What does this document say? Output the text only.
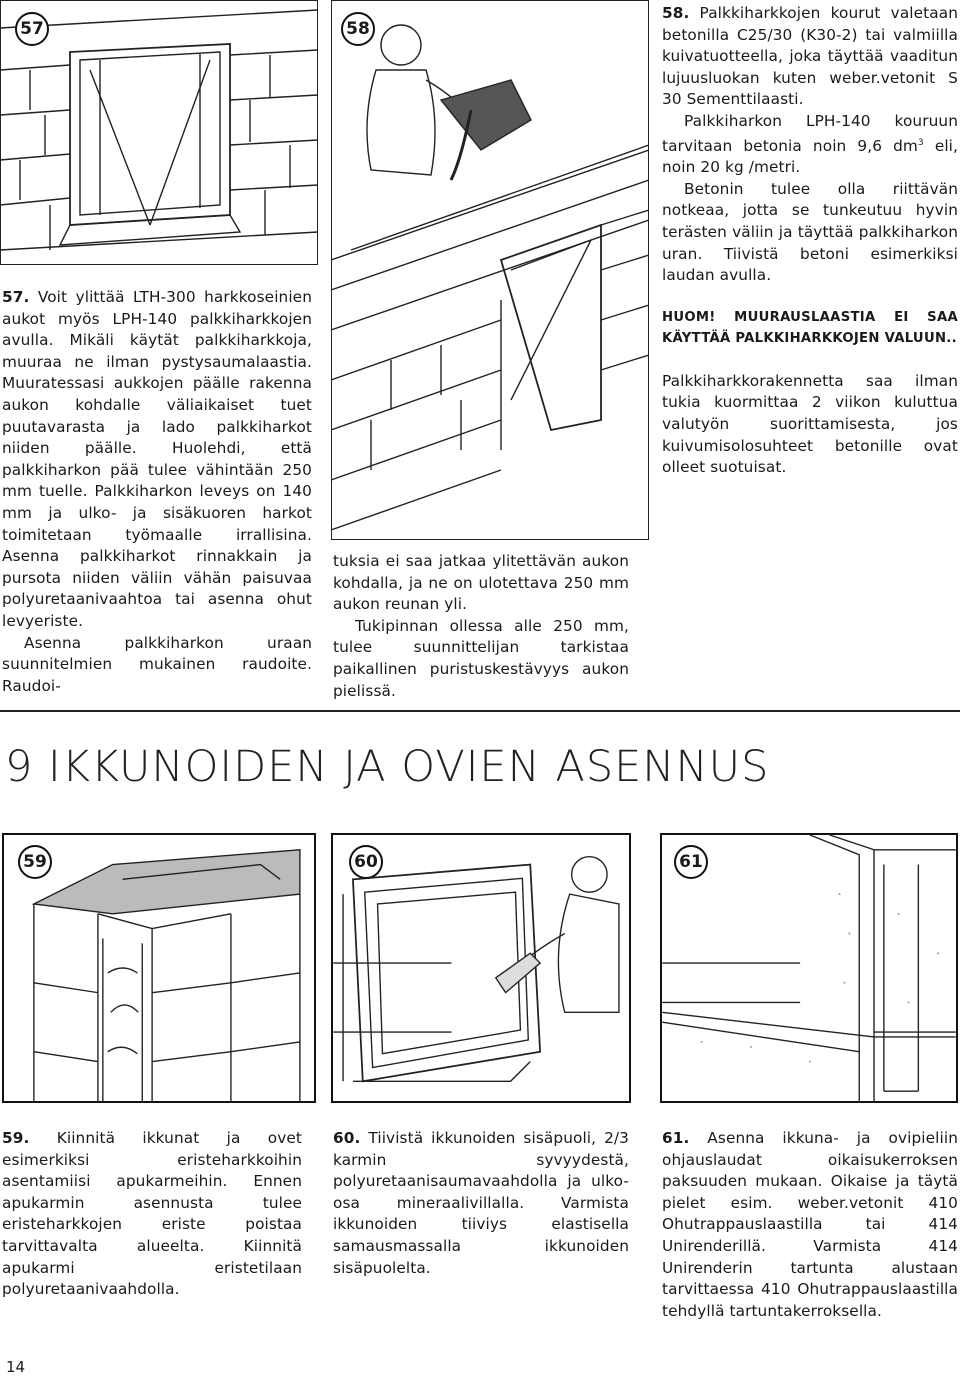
57	58

57. Voit ylittää LTH-300 harkkoseinien aukot myös LPH-140 palkkiharkkojen avulla. Mikäli käytät palkkiharkkoja, muuraa ne ilman pystysaumalaastia. Muuratessasi aukkojen päälle rakenna aukon kohdalle väliaikaiset tuet puutavarasta ja lado palkkiharkot niiden päälle. Huolehdi, että palkkiharkon pää tulee vähintään 250 mm tuelle. Palkkiharkon leveys on 140 mm ja ulko- ja sisäkuoren harkot toimitetaan työmaalle irrallisina. Asenna palkkiharkot rinnakkain ja pursota niiden väliin vähän paisuvaa polyuretaanivaahtoa tai asenna ohut levyeriste.

Asenna palkkiharkon uraan suunnitelmien mukainen raudoite. Raudoi-

tuksia ei saa jatkaa ylitettävän aukon kohdalla, ja ne on ulotettava 250 mm aukon reunan yli.

Tukipinnan ollessa alle 250 mm, tulee suunnittelijan tarkistaa paikallinen puristuskestävyys aukon pielissä.

58. Palkkiharkkojen kourut valetaan betonilla C25/30 (K30-2) tai valmiilla kuivatuotteella, joka täyttää vaaditun lujuusluokan kuten weber.vetonit S 30 Sementtilaasti.

Palkkiharkon LPH-140 kouruun tarvitaan betonia noin 9,6 $dm^3$ eli, noin 20 kg /metri.

Betonin tulee olla riittävän notkeaa, jotta se tunkeutuu hyvin terästen väliin ja täyttää palkkiharkon uran. Tiivistä betoni esimerkiksi laudan avulla.

HUOM! MUURAUSLAASTIA EI SAA KÄYTTÄÄ PALKKIHARKKOJEN VALUUN..

Palkkiharkkorakennetta saa ilman tukia kuormittaa 2 viikon kuluttua valutyön suorittamisesta, jos kuivumisolosuhteet betonille ovat olleet suotuisat.

9 IKKUNOIDEN JA OVIEN ASENNUS
59	60	61

59. Kiinnitä ikkunat ja ovet esimerkiksi eristeharkkoihin asentamiisi apukarmeihin. Ennen apukarmin asennusta tulee eristeharkkojen eriste poistaa tarvittavalta alueelta. Kiinnitä apukarmi eristetilaan polyuretaanivaahdolla.

60. Tiivistä ikkunoiden sisäpuoli, 2/3 karmin syvyydestä, polyuretaanisaumavaahdolla ja ulko-osa mineraalivillalla. Varmista ikkunoiden tiiviys elastisella samausmassalla ikkunoiden sisäpuolelta.

61. Asenna ikkuna- ja ovipieliin ohjauslaudat oikaisukerroksen paksuuden mukaan. Oikaise ja täytä pielet esim. weber.vetonit 410 Ohutrappauslaastilla tai 414 Unirenderillä. Varmista 414 Unirenderin tartunta alustaan tarvittaessa 410 Ohutrappauslaastilla tehdyllä tartuntakerroksella.

14
